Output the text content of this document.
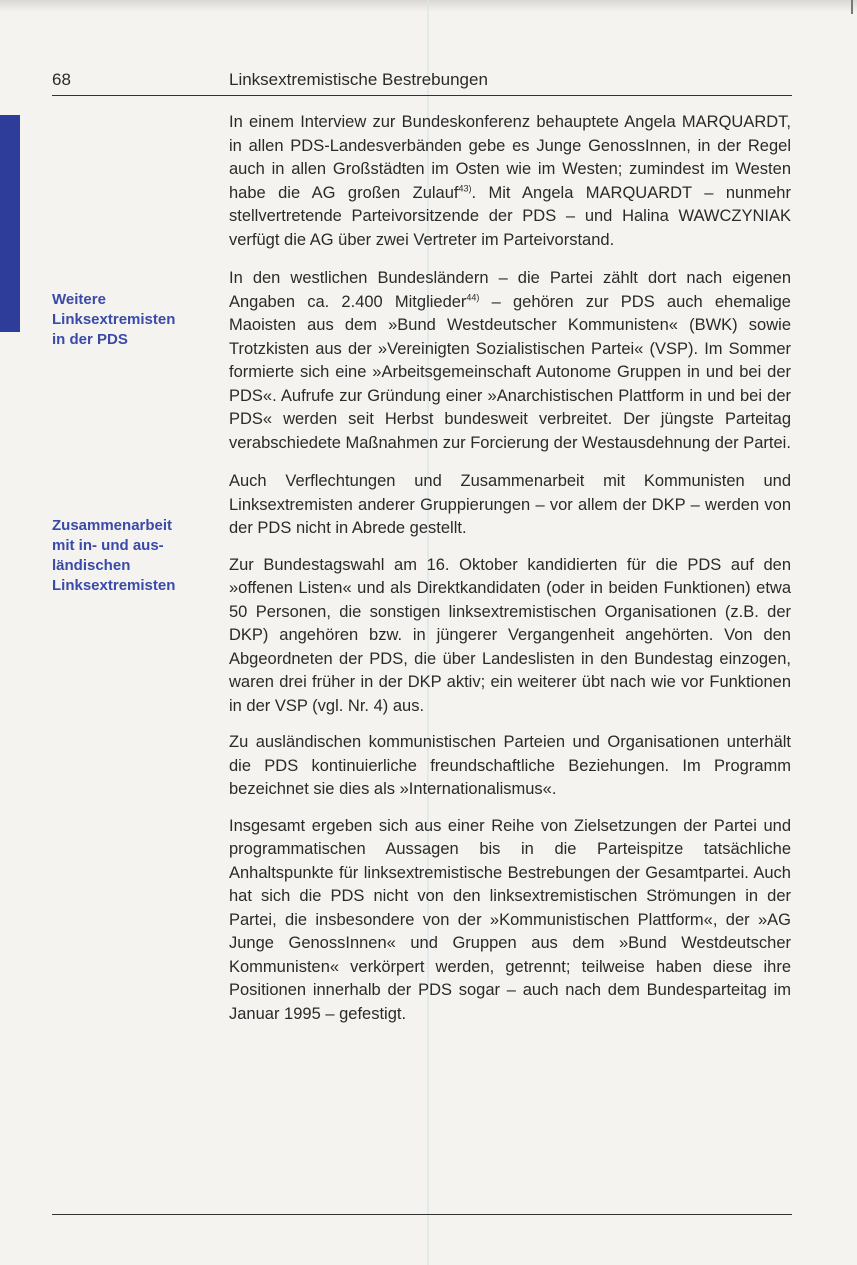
68	Linksextremistische Bestrebungen
Weitere
Linksextremisten
in der PDS
Zusammenarbeit
mit in- und aus-
ländischen
Linksextremisten

In einem Interview zur Bundeskonferenz behauptete Angela MARQUARDT, in allen PDS-Landesverbänden gebe es Junge GenossInnen, in der Regel auch in allen Großstädten im Osten wie im Westen; zumindest im Westen habe die AG großen Zulauf$^{43)}$. Mit Angela MARQUARDT – nunmehr stellvertretende Parteivorsitzende der PDS – und Halina WAWCZYNIAK verfügt die AG über zwei Vertreter im Parteivorstand.

In den westlichen Bundesländern – die Partei zählt dort nach eigenen Angaben ca. 2.400 Mitglieder$^{44)}$ – gehören zur PDS auch ehemalige Maoisten aus dem »Bund Westdeutscher Kommunisten« (BWK) sowie Trotzkisten aus der »Vereinigten Sozialistischen Partei« (VSP). Im Sommer formierte sich eine »Arbeitsgemeinschaft Autonome Gruppen in und bei der PDS«. Aufrufe zur Gründung einer »Anarchistischen Plattform in und bei der PDS« werden seit Herbst bundesweit verbreitet. Der jüngste Parteitag verabschiedete Maßnahmen zur Forcierung der Westausdehnung der Partei.

Auch Verflechtungen und Zusammenarbeit mit Kommunisten und Linksextremisten anderer Gruppierungen – vor allem der DKP – werden von der PDS nicht in Abrede gestellt.

Zur Bundestagswahl am 16. Oktober kandidierten für die PDS auf den »offenen Listen« und als Direktkandidaten (oder in beiden Funktionen) etwa 50 Personen, die sonstigen linksextremistischen Organisationen (z.B. der DKP) angehören bzw. in jüngerer Vergangenheit angehörten. Von den Abgeordneten der PDS, die über Landeslisten in den Bundestag einzogen, waren drei früher in der DKP aktiv; ein weiterer übt nach wie vor Funktionen in der VSP (vgl. Nr. 4) aus.

Zu ausländischen kommunistischen Parteien und Organisationen unterhält die PDS kontinuierliche freundschaftliche Beziehungen. Im Programm bezeichnet sie dies als »Internationalismus«.

Insgesamt ergeben sich aus einer Reihe von Zielsetzungen der Partei und programmatischen Aussagen bis in die Parteispitze tatsächliche Anhaltspunkte für linksextremistische Bestrebungen der Gesamtpartei. Auch hat sich die PDS nicht von den linksextremistischen Strömungen in der Partei, die insbesondere von der »Kommunistischen Plattform«, der »AG Junge GenossInnen« und Gruppen aus dem »Bund Westdeutscher Kommunisten« verkörpert werden, getrennt; teilweise haben diese ihre Positionen innerhalb der PDS sogar – auch nach dem Bundesparteitag im Januar 1995 – gefestigt.
